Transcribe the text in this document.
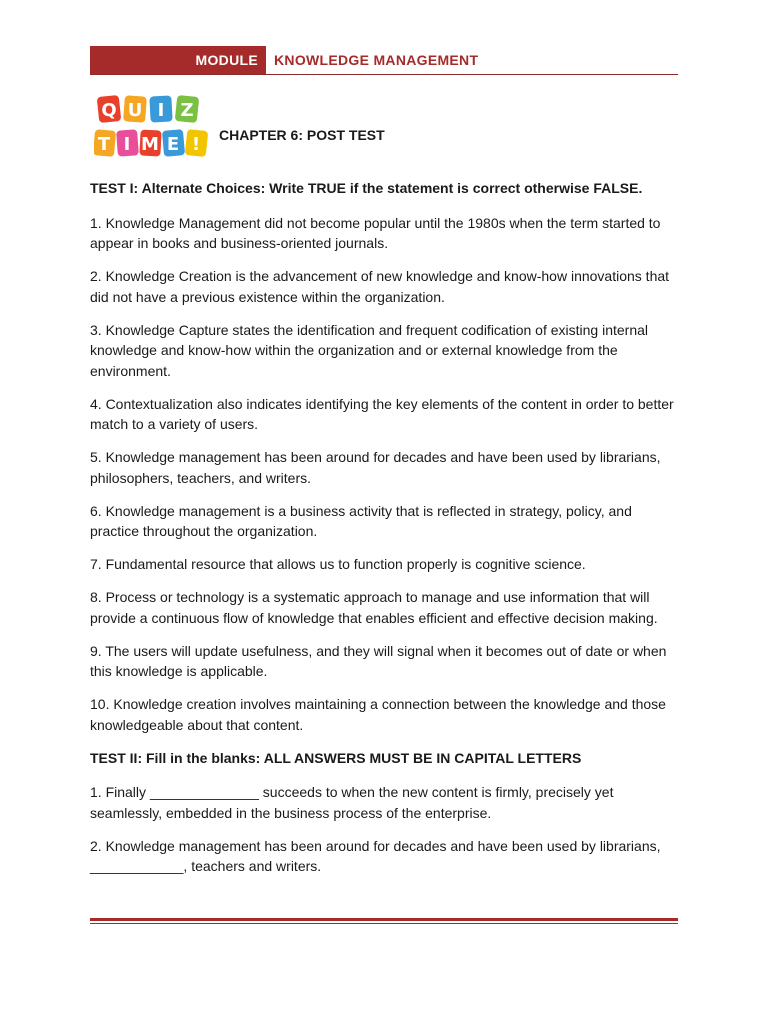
MODULE	KNOWLEDGE MANAGEMENT
Q U I Z
T I M E ! CHAPTER 6: POST TEST
TEST I: Alternate Choices: Write TRUE if the statement is correct otherwise FALSE.
1. Knowledge Management did not become popular until the 1980s when the term started to appear in books and business-oriented journals.
2. Knowledge Creation is the advancement of new knowledge and know-how innovations that did not have a previous existence within the organization.
3. Knowledge Capture states the identification and frequent codification of existing internal knowledge and know-how within the organization and or external knowledge from the environment.
4. Contextualization also indicates identifying the key elements of the content in order to better match to a variety of users.
5. Knowledge management has been around for decades and have been used by librarians, philosophers, teachers, and writers.
6. Knowledge management is a business activity that is reflected in strategy, policy, and practice throughout the organization.
7. Fundamental resource that allows us to function properly is cognitive science.
8. Process or technology is a systematic approach to manage and use information that will provide a continuous flow of knowledge that enables efficient and effective decision making.
9. The users will update usefulness, and they will signal when it becomes out of date or when this knowledge is applicable.
10. Knowledge creation involves maintaining a connection between the knowledge and those knowledgeable about that content.
TEST II: Fill in the blanks: ALL ANSWERS MUST BE IN CAPITAL LETTERS
1. Finally ______________ succeeds to when the new content is firmly, precisely yet seamlessly, embedded in the business process of the enterprise.
2. Knowledge management has been around for decades and have been used by librarians, ____________, teachers and writers.
